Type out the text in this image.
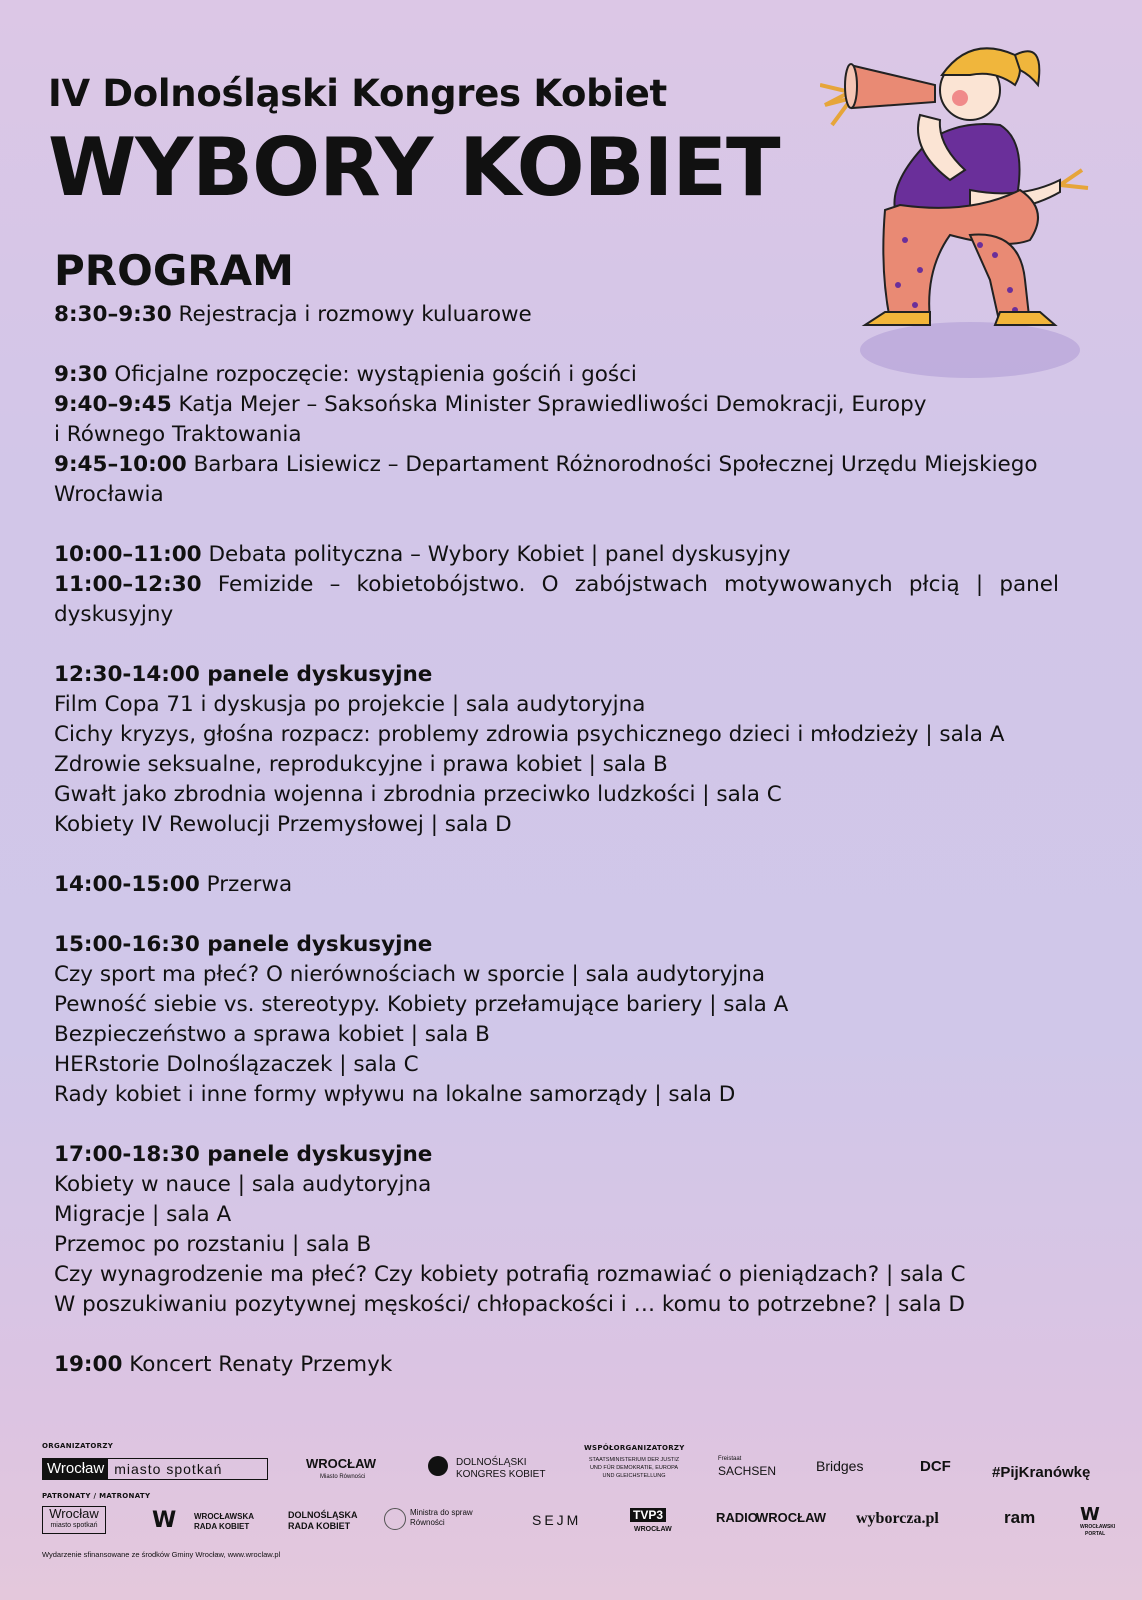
IV Dolnośląski Kongres Kobiet
WYBORY KOBIET
PROGRAM
8:30–9:30 Rejestracja i rozmowy kuluarowe
9:30 Oficjalne rozpoczęcie: wystąpienia gościń i gości
9:40–9:45 Katja Mejer – Saksońska Minister Sprawiedliwości Demokracji, Europy
i Równego Traktowania
9:45–10:00 Barbara Lisiewicz – Departament Różnorodności Społecznej Urzędu Miejskiego
Wrocławia
10:00–11:00 Debata polityczna – Wybory Kobiet | panel dyskusyjny
11:00–12:30 Femizide – kobietobójstwo. O zabójstwach motywowanych płcią | panel
dyskusyjny
12:30-14:00 panele dyskusyjne
Film Copa 71 i dyskusja po projekcie | sala audytoryjna
Cichy kryzys, głośna rozpacz: problemy zdrowia psychicznego dzieci i młodzieży | sala A
Zdrowie seksualne, reprodukcyjne i prawa kobiet | sala B
Gwałt jako zbrodnia wojenna i zbrodnia przeciwko ludzkości | sala C
Kobiety IV Rewolucji Przemysłowej | sala D
14:00-15:00 Przerwa
15:00-16:30 panele dyskusyjne
Czy sport ma płeć? O nierównościach w sporcie | sala audytoryjna
Pewność siebie vs. stereotypy. Kobiety przełamujące bariery | sala A
Bezpieczeństwo a sprawa kobiet | sala B
HERstorie Dolnoślązaczek | sala C
Rady kobiet i inne formy wpływu na lokalne samorządy | sala D
17:00-18:30 panele dyskusyjne
Kobiety w nauce | sala audytoryjna
Migracje | sala A
Przemoc po rozstaniu | sala B
Czy wynagrodzenie ma płeć? Czy kobiety potrafią rozmawiać o pieniądzach? | sala C
W poszukiwaniu pozytywnej męskości/ chłopackości i … komu to potrzebne? | sala D
19:00 Koncert Renaty Przemyk
ORGANIZATORZY	WSPÓŁORGANIZATORZY
PATRONATY / MATRONATY
Wrocław miasto spotkań	WROCŁAW
Miasto Równości
DOLNOŚLĄSKI
KONGRES KOBIET
STAATSMINISTERIUM DER JUSTIZ UND FÜR DEMOKRATIE, EUROPA UND GLEICHSTELLUNG
Freistaat
SACHSEN	Bridges	DCF	#PijKranówkę
Wrocław
miasto spotkań	W WROCŁAWSKA
RADA KOBIET
DOLNOŚLĄSKA
RADA KOBIET
Ministra do spraw Równości	SEJM	TVP3
WROCŁAW
RADIO
WROCŁAW wyborcza.pl	ram W
WROCŁAWSKI
PORTAL
Wydarzenie sfinansowane ze środków Gminy Wrocław, www.wroclaw.pl
